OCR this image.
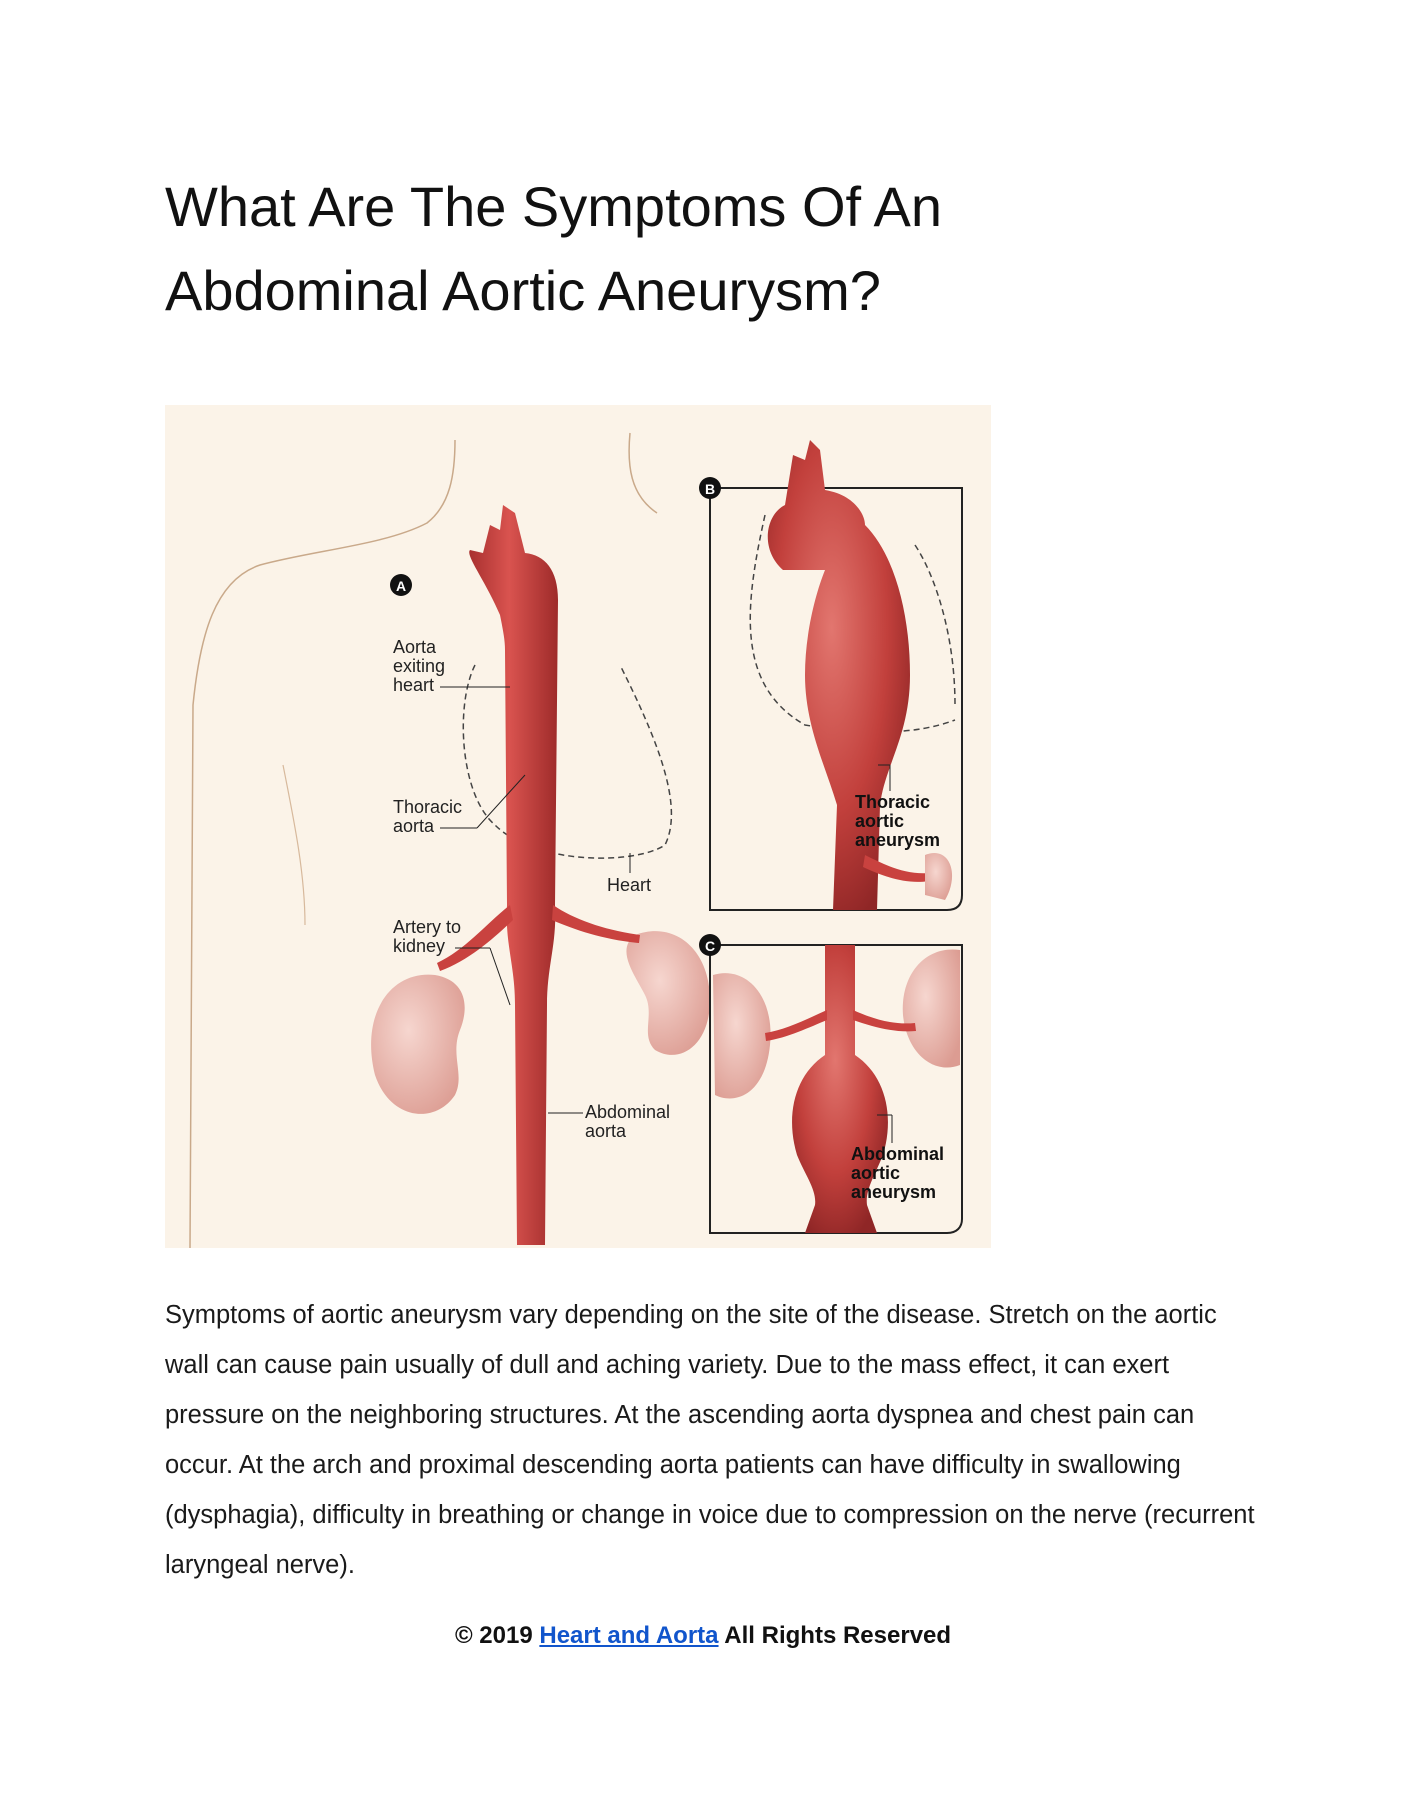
What Are The Symptoms Of An
Abdominal Aortic Aneurysm?
A
Aorta exiting heart
Thoracic aorta
Heart
Artery to kidney
Abdominal aorta
B
Thoracic aortic aneurysm
C
Abdominal aortic aneurysm

Symptoms of aortic aneurysm vary depending on the site of the disease. Stretch on the aortic wall can cause pain usually of dull and aching variety. Due to the mass effect, it can exert pressure on the neighboring structures. At the ascending aorta dyspnea and chest pain can occur. At the arch and proximal descending aorta patients can have difficulty in swallowing (dysphagia), difficulty in breathing or change in voice due to compression on the nerve (recurrent laryngeal nerve).

© 2019 Heart and Aorta All Rights Reserved
